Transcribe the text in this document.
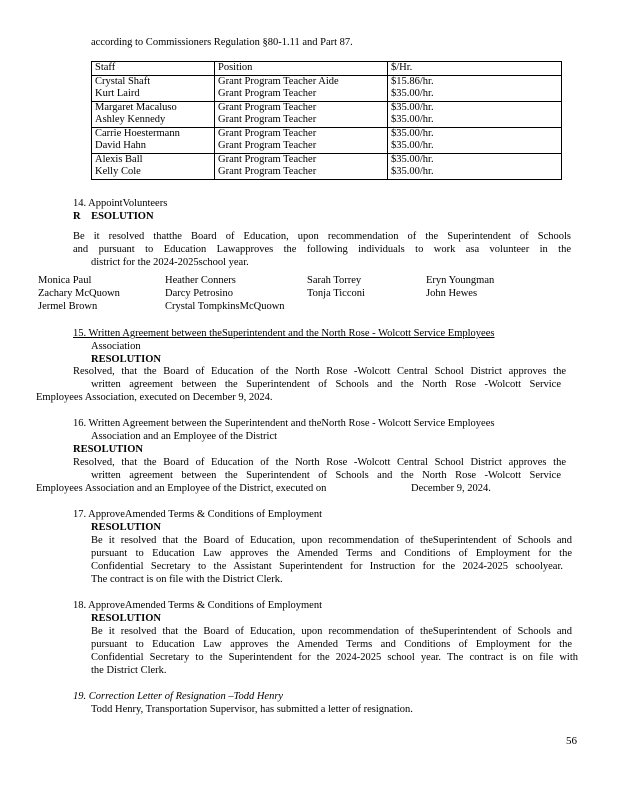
according to Commissioners Regulation §80-1.11 and Part 87.
Staff	Position	$/Hr.
Crystal Shaft	Grant Program Teacher Aide	$15.86/hr.
Kurt Laird	Grant Program Teacher	$35.00/hr.
Margaret Macaluso	Grant Program Teacher	$35.00/hr.
Ashley Kennedy	Grant Program Teacher	$35.00/hr.
Carrie Hoestermann	Grant Program Teacher	$35.00/hr.
David Hahn	Grant Program Teacher	$35.00/hr.
Alexis Ball	Grant Program Teacher	$35.00/hr.
Kelly Cole	Grant Program Teacher	$35.00/hr.
14. AppointVolunteers
R ESOLUTION
Be it resolved thatthe Board of Education, upon recommendation of the Superintendent of Schools
and pursuant to Education Lawapproves the following individuals to work asa volunteer in the
district for the 2024-2025school year.
Monica Paul	Heather Conners	Sarah Torrey	Eryn Youngman
Zachary McQuown	Darcy Petrosino	Tonja Ticconi	John Hewes
Jermel Brown	Crystal TompkinsMcQuown
15. Written Agreement between theSuperintendent and the North Rose - Wolcott Service Employees
Association
RESOLUTION
Resolved, that the Board of Education of the North Rose -Wolcott Central School District approves the
written agreement between the Superintendent of Schools and the North Rose -Wolcott Service
Employees Association, executed on December 9, 2024.
16. Written Agreement between the Superintendent and theNorth Rose - Wolcott Service Employees
Association and an Employee of the District
RESOLUTION
Resolved, that the Board of Education of the North Rose -Wolcott Central School District approves the
written agreement between the Superintendent of Schools and the North Rose -Wolcott Service
Employees Association and an Employee of the District, executed on	December 9, 2024.
17. ApproveAmended Terms & Conditions of Employment
RESOLUTION
Be it resolved that the Board of Education, upon recommendation of theSuperintendent of Schools and
pursuant to Education Law approves the Amended Terms and Conditions of Employment for the
Confidential Secretary to the Assistant Superintendent for Instruction for the 2024-2025 schoolyear.
The contract is on file with the District Clerk.
18. ApproveAmended Terms & Conditions of Employment
RESOLUTION
Be it resolved that the Board of Education, upon recommendation of theSuperintendent of Schools and
pursuant to Education Law approves the Amended Terms and Conditions of Employment for the
Confidential Secretary to the Superintendent for the 2024-2025 school year. The contract is on file with
the District Clerk.
19. Correction Letter of Resignation –Todd Henry
Todd Henry, Transportation Supervisor, has submitted a letter of resignation.
56
